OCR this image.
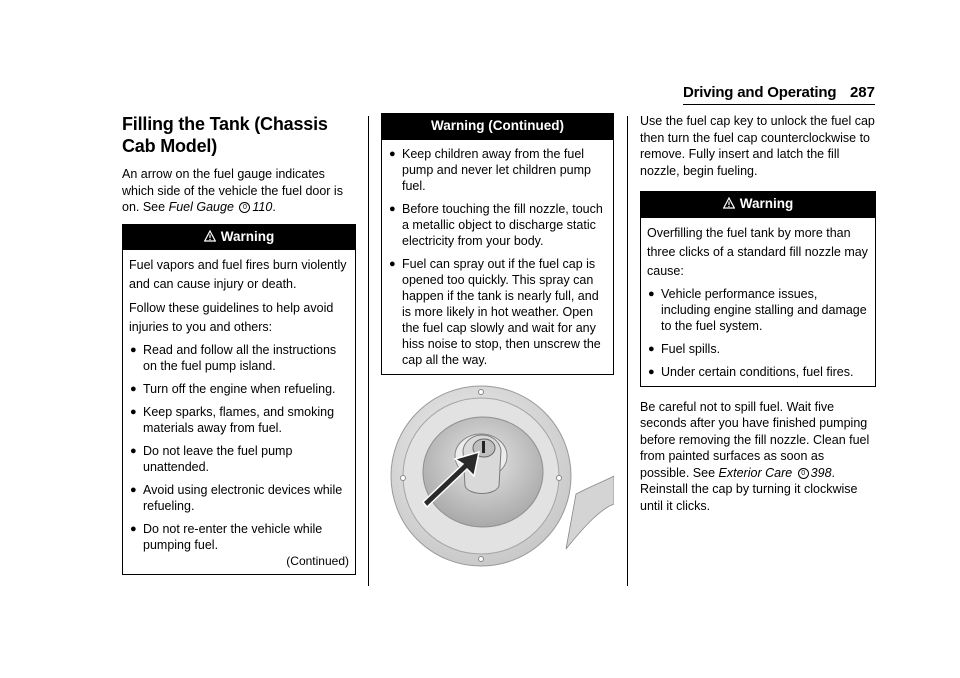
Driving and Operating 287
Filling the Tank (Chassis Cab Model)

An arrow on the fuel gauge indicates which side of the vehicle the fuel door is on. See Fuel Gauge 0 110.

Warning

Fuel vapors and fuel fires burn violently and can cause injury or death.

Follow these guidelines to help avoid injuries to you and others:

● Read and follow all the instructions on the fuel pump island.
● Turn off the engine when refueling.
● Keep sparks, flames, and smoking materials away from fuel.
● Do not leave the fuel pump unattended.
● Avoid using electronic devices while refueling.
● Do not re-enter the vehicle while pumping fuel.
(Continued)
Warning (Continued)
● Keep children away from the fuel pump and never let children pump fuel.
● Before touching the fill nozzle, touch a metallic object to discharge static electricity from your body.
● Fuel can spray out if the fuel cap is opened too quickly. This spray can happen if the tank is nearly full, and is more likely in hot weather. Open the fuel cap slowly and wait for any hiss noise to stop, then unscrew the cap all the way.

Use the fuel cap key to unlock the fuel cap then turn the fuel cap counterclockwise to remove. Fully insert and latch the fill nozzle, begin fueling.

Warning

Overfilling the fuel tank by more than three clicks of a standard fill nozzle may cause:

● Vehicle performance issues, including engine stalling and damage to the fuel system.
● Fuel spills.
● Under certain conditions, fuel fires.

Be careful not to spill fuel. Wait five seconds after you have finished pumping before removing the fill nozzle. Clean fuel from painted surfaces as soon as possible. See Exterior Care 0 398. Reinstall the cap by turning it clockwise until it clicks.
